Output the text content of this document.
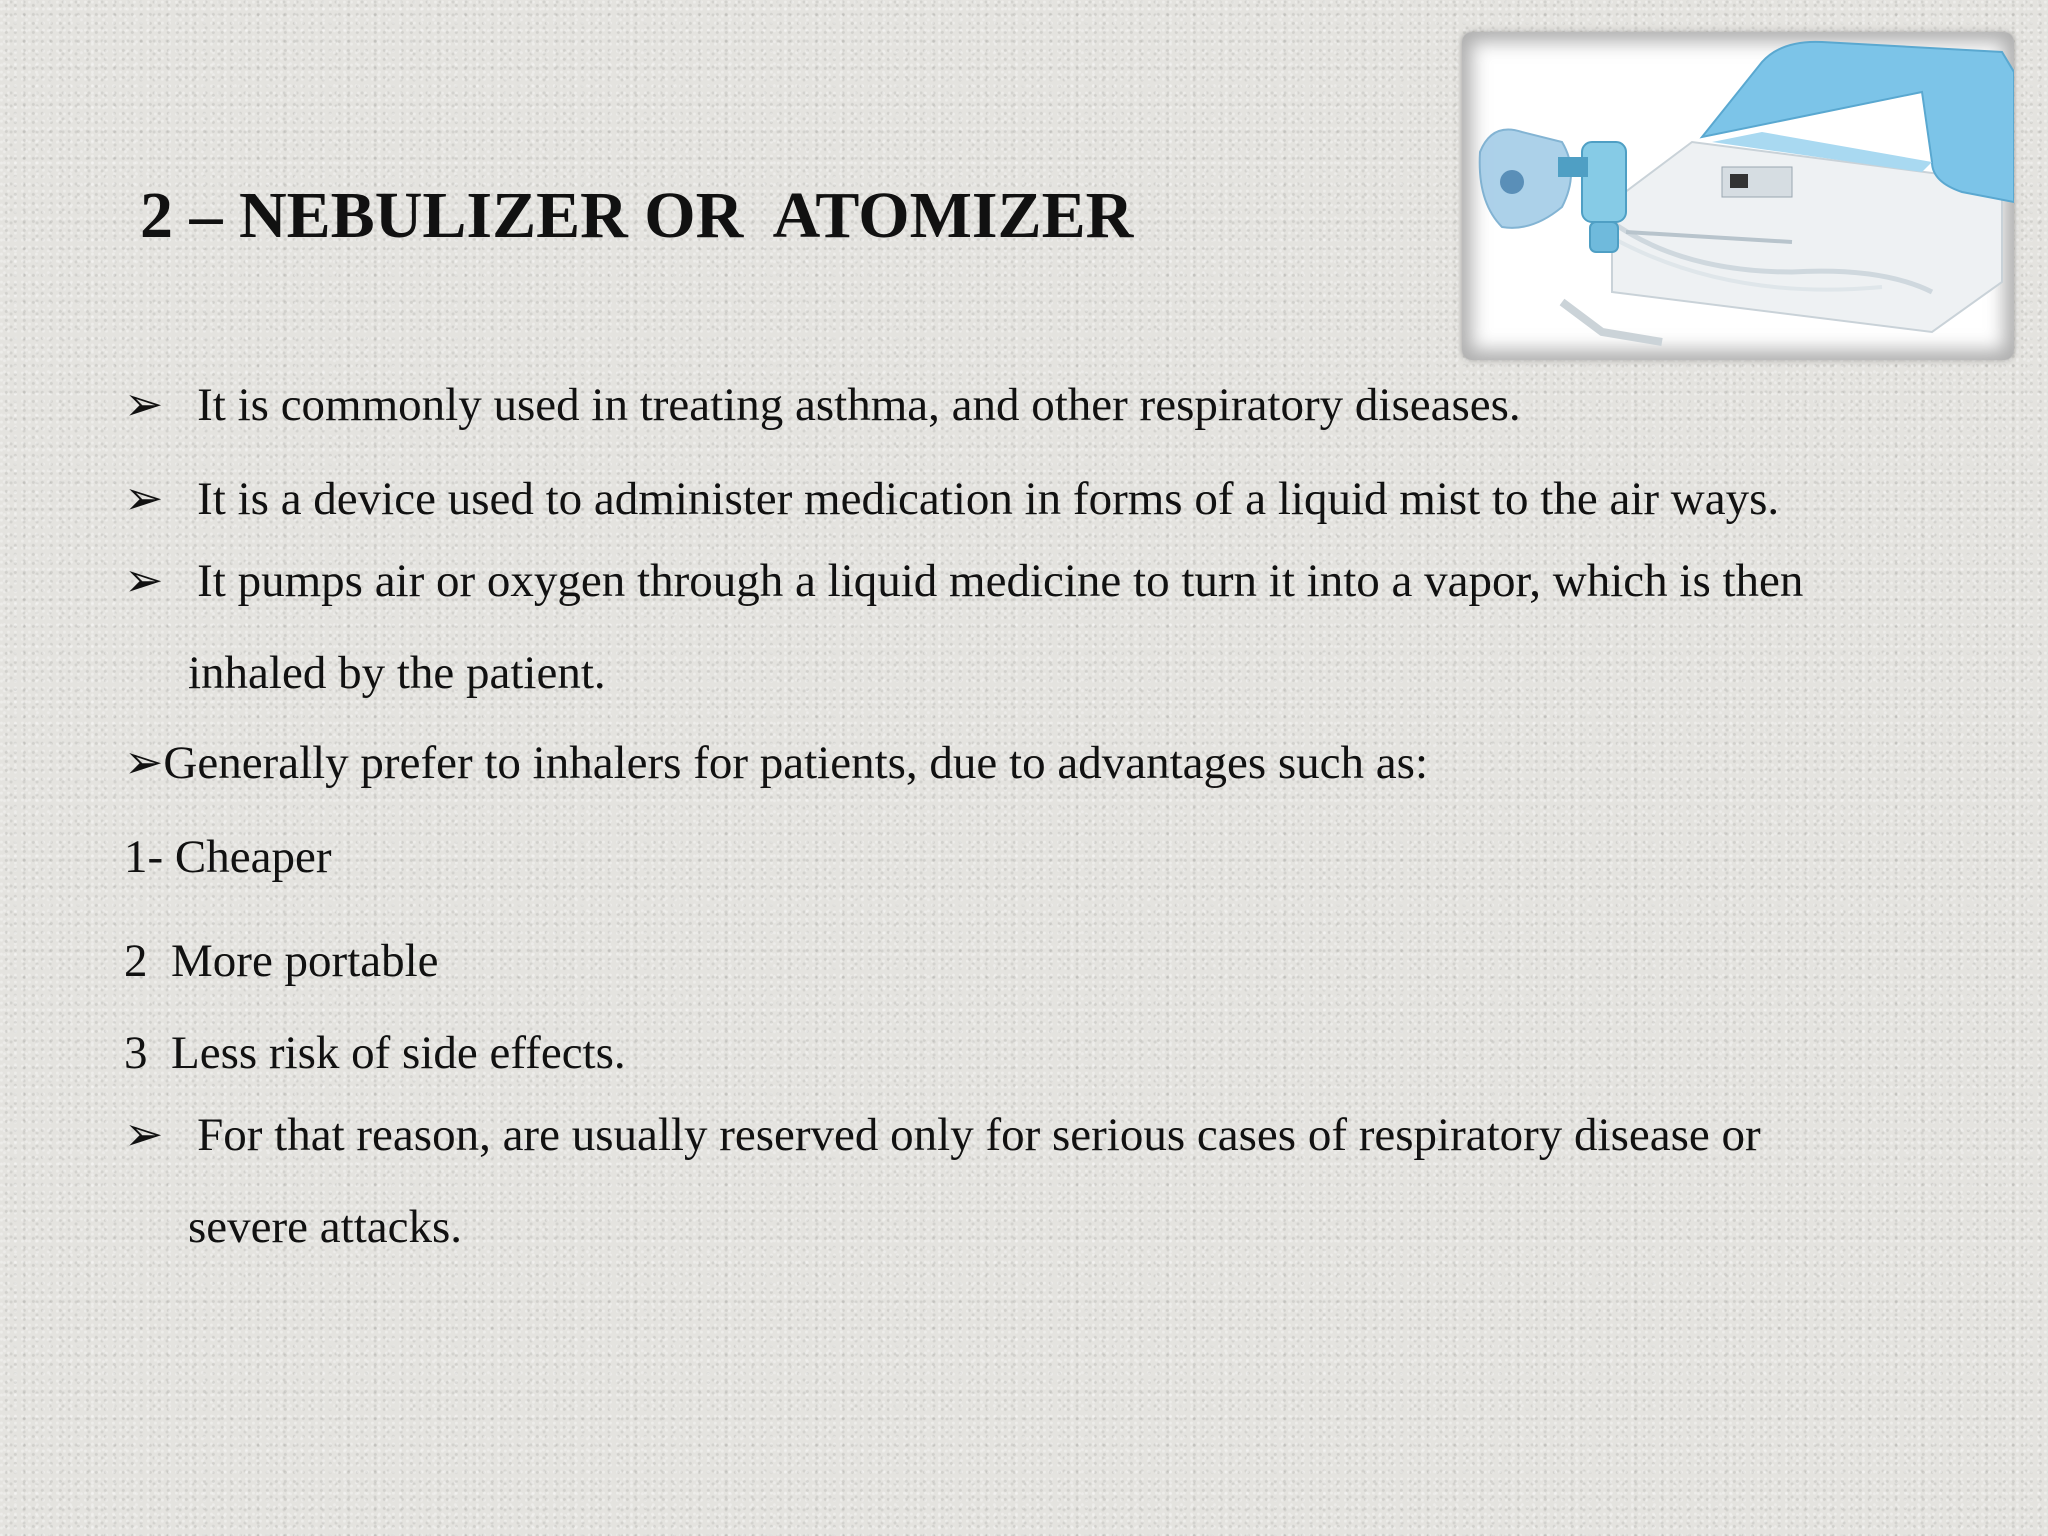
2 – NEBULIZER OR  ATOMIZER
➢ It is commonly used in treating asthma, and other respiratory diseases.
➢ It is a device used to administer medication in forms of a liquid mist to the air ways.
➢ It pumps air or oxygen through a liquid medicine to turn it into a vapor, which is then
inhaled by the patient.
➢Generally prefer to inhalers for patients, due to advantages such as:
1- Cheaper
2  More portable
3  Less risk of side effects.
➢ For that reason, are usually reserved only for serious cases of respiratory disease or
severe attacks.
